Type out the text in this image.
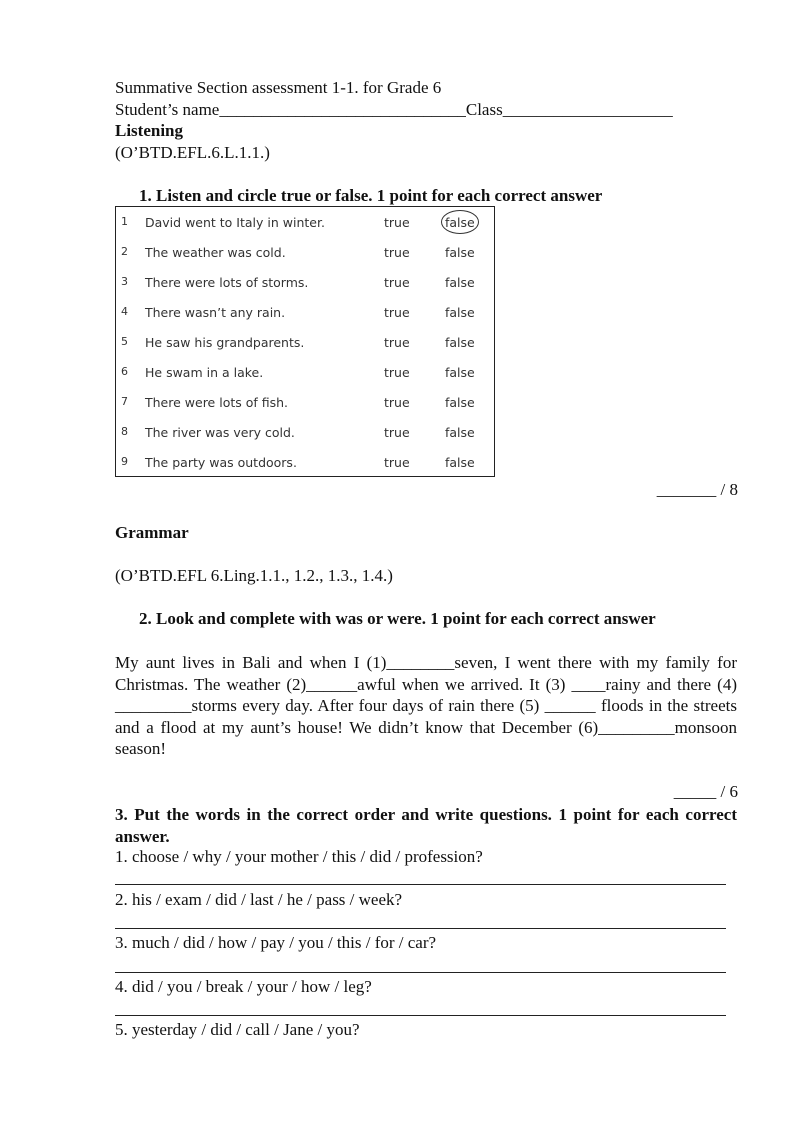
Summative Section assessment 1-1. for Grade 6
Student’s name_____________________________Class____________________
Listening
(O’BTD.EFL.6.L.1.1.)
1. Listen and circle true or false. 1 point for each correct answer
1 David went to Italy in winter.	true	false
2 The weather was cold.	true	false
3 There were lots of storms.	true	false
4 There wasn’t any rain.	true	false
5 He saw his grandparents.	true	false
6 He swam in a lake.	true	false
7 There were lots of fish.	true	false
8 The river was very cold.	true	false
9 The party was outdoors.	true	false
_______ / 8
Grammar
(O’BTD.EFL 6.Ling.1.1., 1.2., 1.3., 1.4.)
2. Look and complete with was or were. 1 point for each correct answer
My aunt lives in Bali and when I (1)________seven, I went there with my family for Christmas. The weather (2)______awful when we arrived. It (3) ____rainy and there (4) _________storms every day. After four days of rain there (5) ______ floods in the streets and a flood at my aunt’s house! We didn’t know that December (6)_________monsoon season!
_____ / 6
3. Put the words in the correct order and write questions. 1 point for each correct answer.
1. choose / why / your mother / this / did / profession?
2. his / exam / did / last / he / pass / week?
3. much / did / how / pay / you / this / for / car?
4. did / you / break / your / how / leg?
5. yesterday / did / call / Jane / you?
